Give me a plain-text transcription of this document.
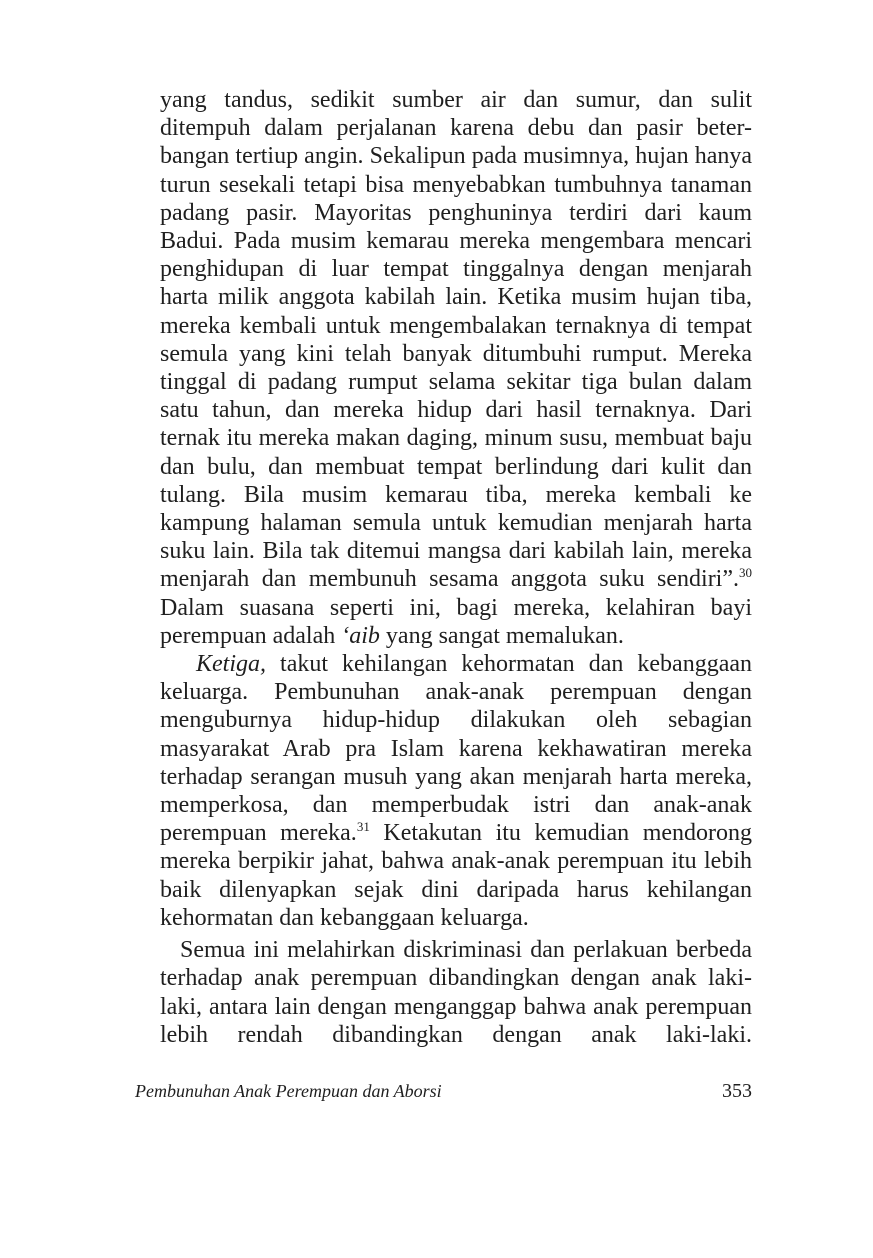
yang tandus, sedikit sumber air dan sumur, dan sulit ditempuh dalam perjalanan karena debu dan pasir beter-bangan tertiup angin. Sekalipun pada musimnya, hujan hanya turun sesekali tetapi bisa menyebabkan tumbuhnya tanaman padang pasir. Mayoritas penghuninya terdiri dari kaum Badui. Pada musim kemarau mereka mengembara mencari penghidupan di luar tempat tinggalnya dengan menjarah harta milik anggota kabilah lain. Ketika musim hujan tiba, mereka kembali untuk mengembalakan ternaknya di tempat semula yang kini telah banyak ditumbuhi rumput. Mereka tinggal di padang rumput selama sekitar tiga bulan dalam satu tahun, dan mereka hidup dari hasil ternaknya. Dari ternak itu mereka makan daging, minum susu, membuat baju dan bulu, dan membuat tempat berlindung dari kulit dan tulang. Bila musim kemarau tiba, mereka kembali ke kampung halaman semula untuk kemudian menjarah harta suku lain. Bila tak ditemui mangsa dari kabilah lain, mereka menjarah dan membunuh sesama anggota suku sendiri”.$^{30}$ Dalam suasana seperti ini, bagi mereka, kelahiran bayi perempuan adalah ‘aib yang sangat memalukan.

Ketiga, takut kehilangan kehormatan dan kebanggaan keluarga. Pembunuhan anak-anak perempuan dengan menguburnya hidup-hidup dilakukan oleh sebagian masyarakat Arab pra Islam karena kekhawatiran mereka terhadap serangan musuh yang akan menjarah harta mereka, memperkosa, dan memperbudak istri dan anak-anak perempuan mereka.$^{31}$ Ketakutan itu kemudian mendorong mereka berpikir jahat, bahwa anak-anak perempuan itu lebih baik dilenyapkan sejak dini daripada harus kehilangan kehormatan dan kebanggaan keluarga.

Semua ini melahirkan diskriminasi dan perlakuan berbeda terhadap anak perempuan dibandingkan dengan anak laki-laki, antara lain dengan menganggap bahwa anak perempuan lebih rendah dibandingkan dengan anak laki-laki.

Pembunuhan Anak Perempuan dan Aborsi	353
